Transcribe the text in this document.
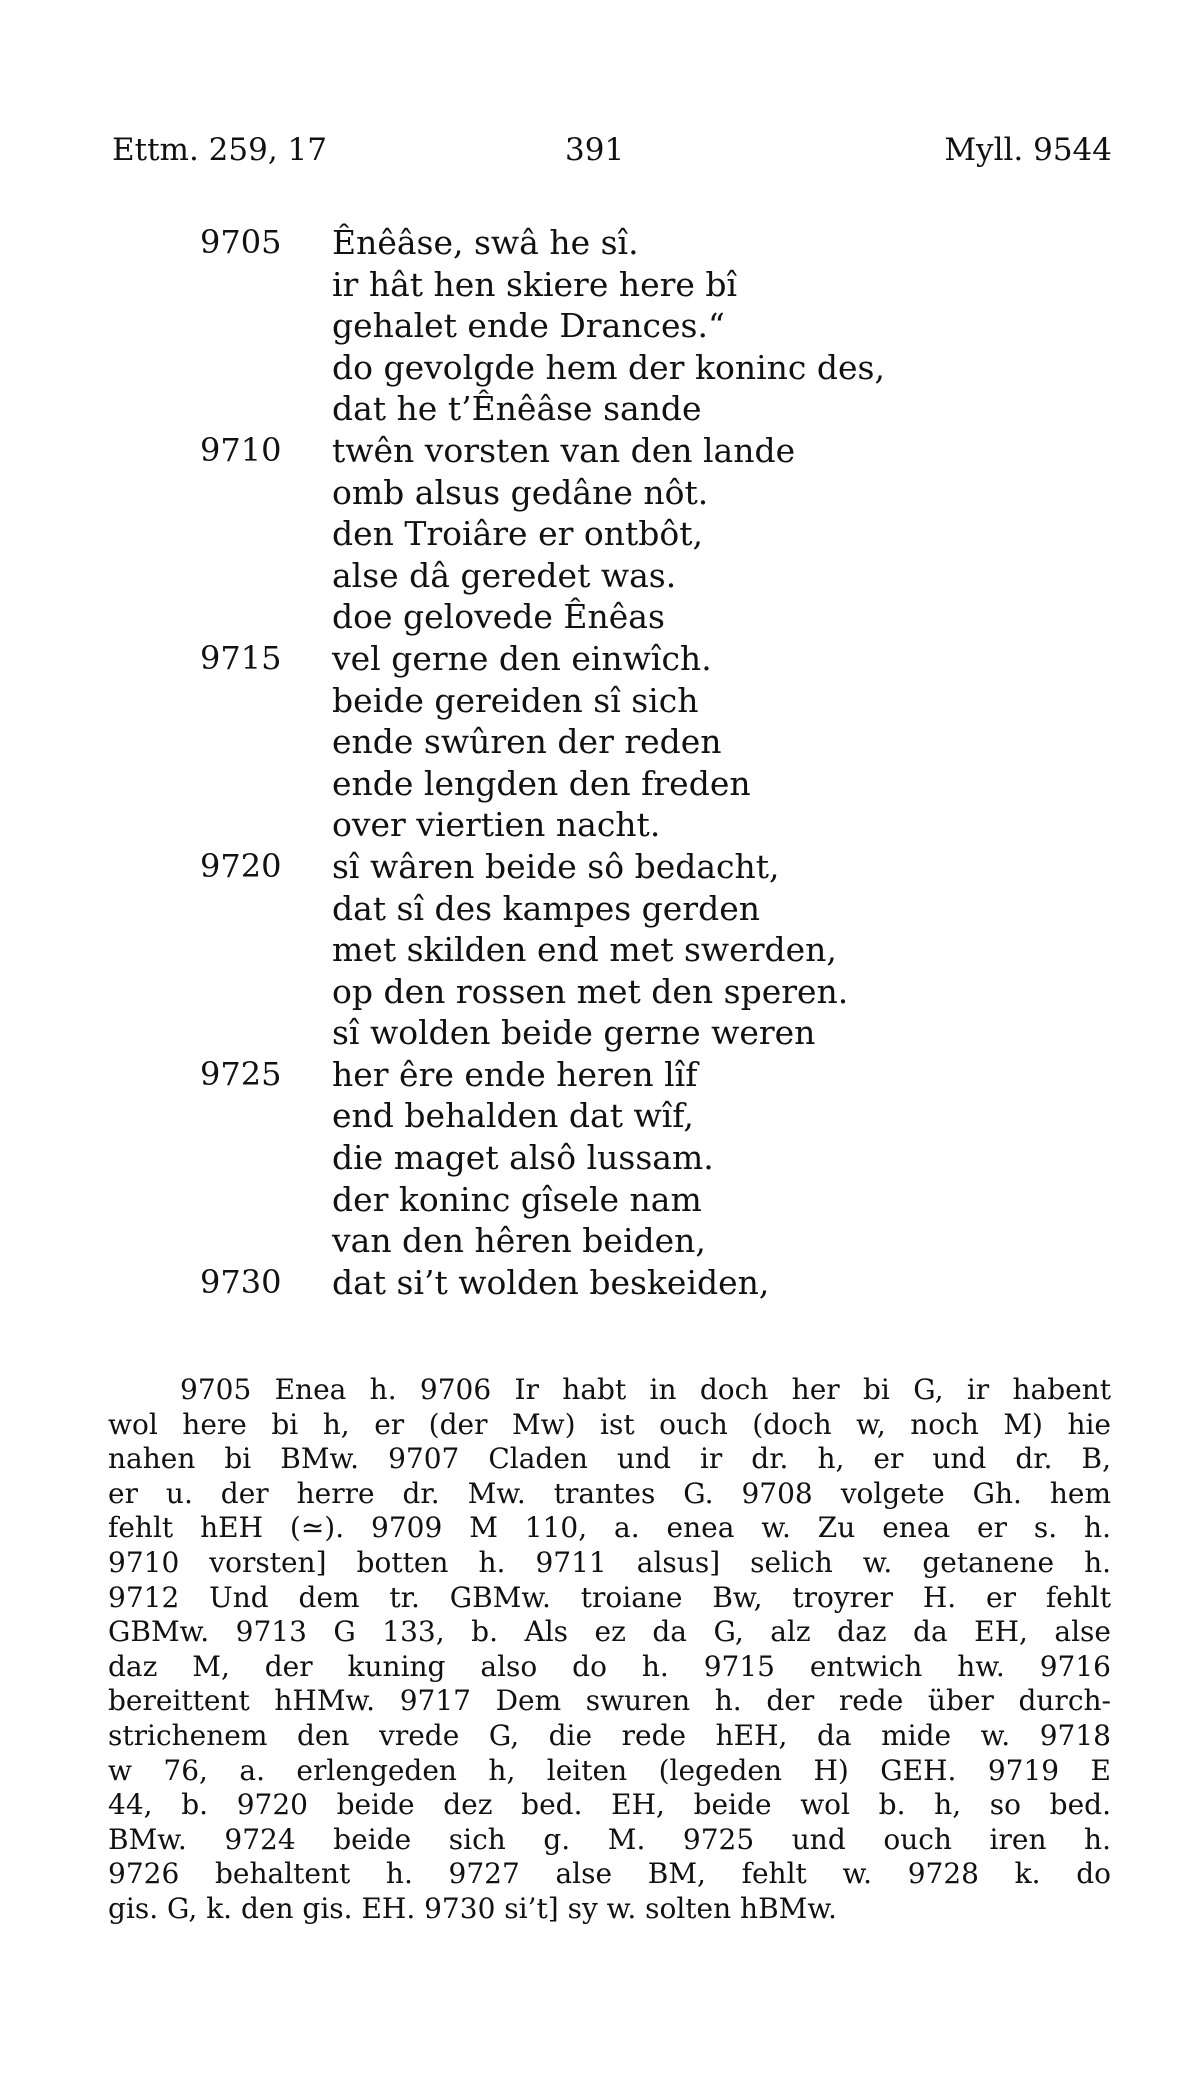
Ettm. 259, 17	391	Myll. 9544
9705	Ênêâse, swâ he sî.
ir hât hen skiere here bî
gehalet ende Drances.“
do gevolgde hem der koninc des,
dat he t’Ênêâse sande
9710	twên vorsten van den lande
omb alsus gedâne nôt.
den Troiâre er ontbôt,
alse dâ geredet was.
doe gelovede Ênêas
9715	vel gerne den einwîch.
beide gereiden sî sich
ende swûren der reden
ende lengden den freden
over viertien nacht.
9720	sî wâren beide sô bedacht,
dat sî des kampes gerden
met skilden end met swerden,
op den rossen met den speren.
sî wolden beide gerne weren
9725	her êre ende heren lîf
end behalden dat wîf,
die maget alsô lussam.
der koninc gîsele nam
van den hêren beiden,
9730	dat si’t wolden beskeiden,
9705 Enea h. 9706 Ir habt in doch her bi G, ir habent
wol here bi h, er (der Mw) ist ouch (doch w, noch M) hie
nahen bi BMw. 9707 Claden und ir dr. h, er und dr. B,
er u. der herre dr. Mw. trantes G. 9708 volgete Gh. hem
fehlt hEH (≃). 9709 M 110, a. enea w. Zu enea er s. h.
9710 vorsten] botten h. 9711 alsus] selich w. getanene h.
9712 Und dem tr. GBMw. troiane Bw, troyrer H. er fehlt
GBMw. 9713 G 133, b. Als ez da G, alz daz da EH, alse
daz M, der kuning also do h. 9715 entwich hw. 9716
bereittent hHMw. 9717 Dem swuren h. der rede über durch-
strichenem den vrede G, die rede hEH, da mide w. 9718
w 76, a. erlengeden h, leiten (legeden H) GEH. 9719 E
44, b. 9720 beide dez bed. EH, beide wol b. h, so bed.
BMw. 9724 beide sich g. M. 9725 und ouch iren h.
9726 behaltent h. 9727 alse BM, fehlt w. 9728 k. do
gis. G, k. den gis. EH. 9730 si’t] sy w. solten hBMw.
